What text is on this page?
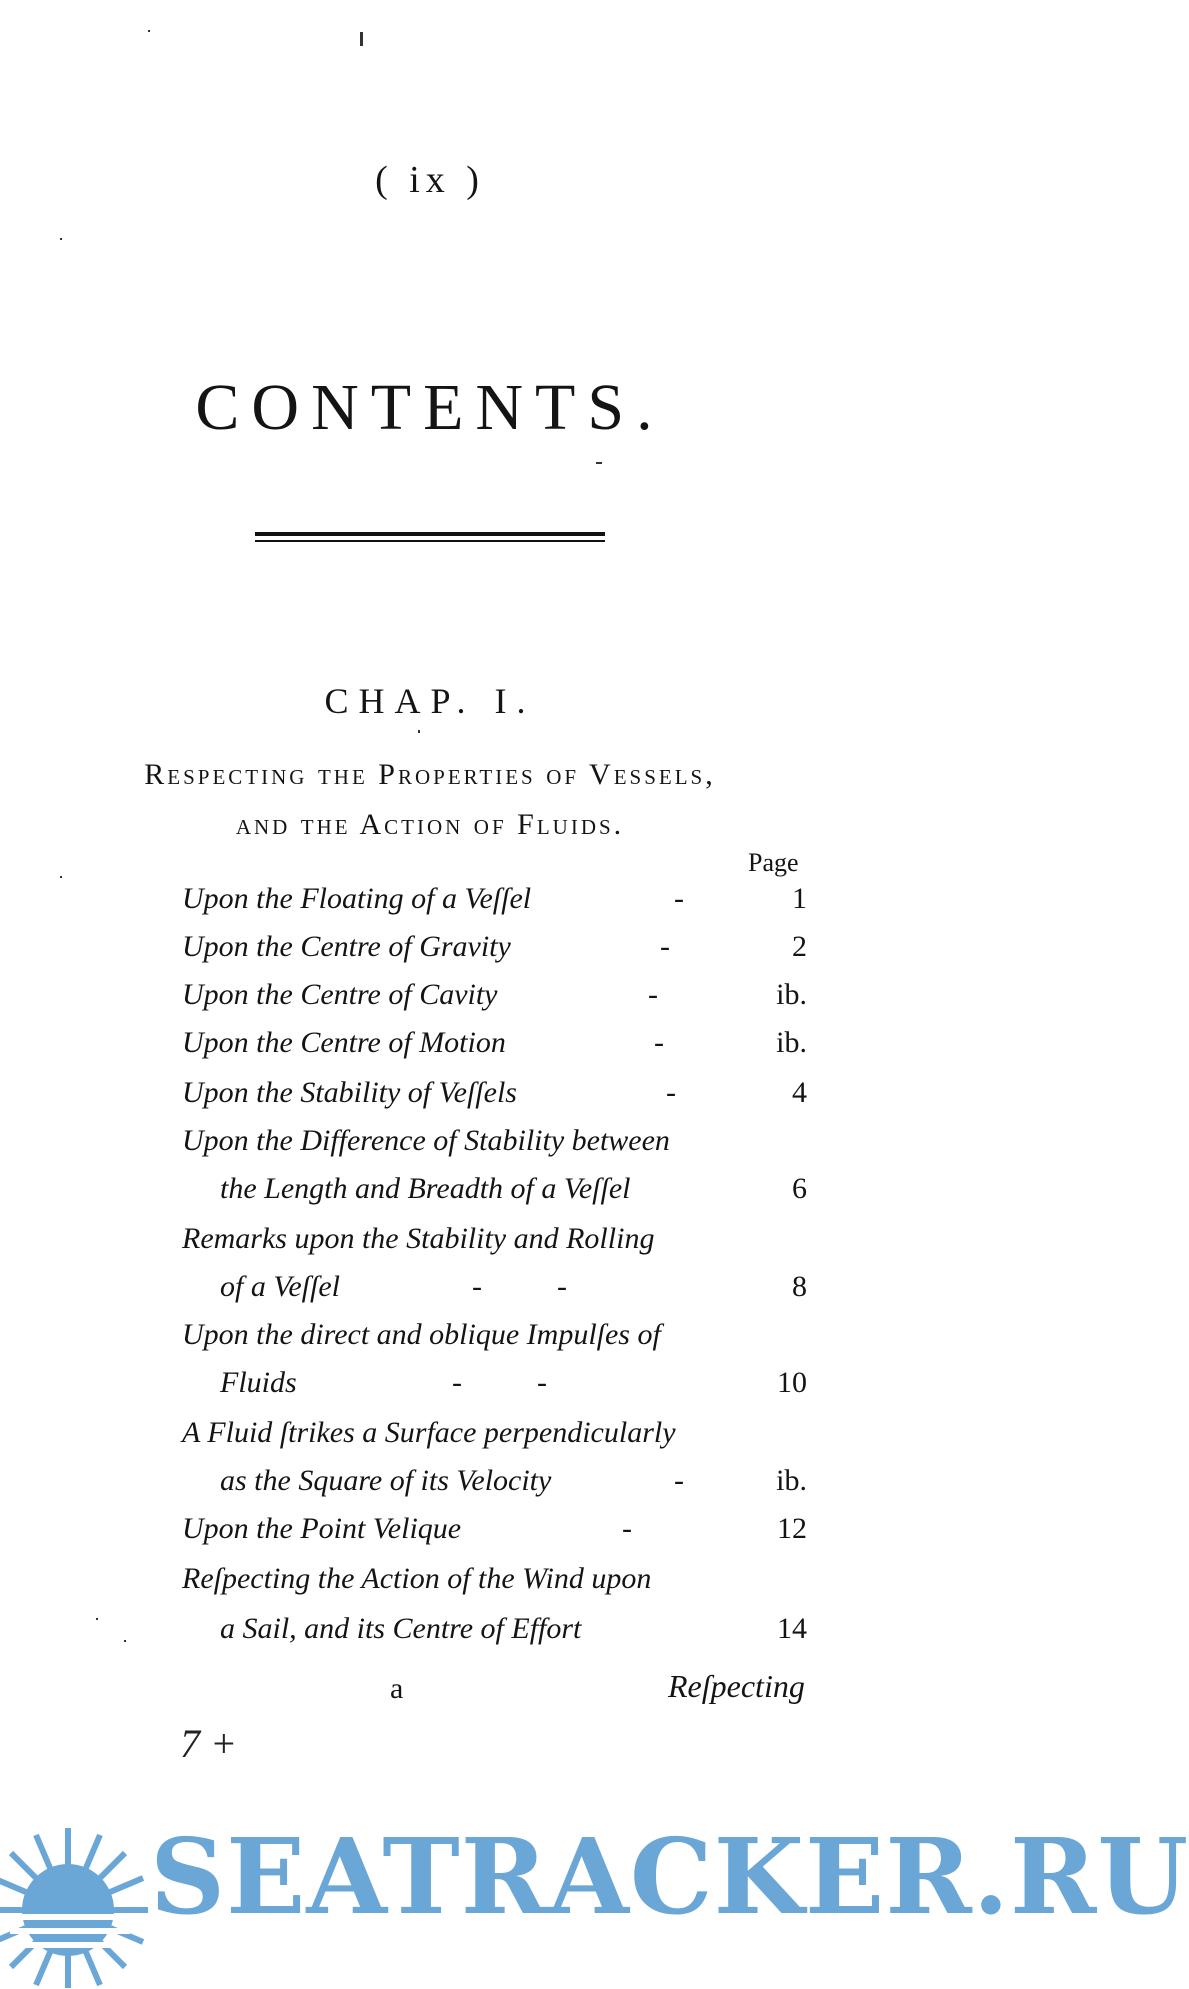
( ix )
CONTENTS.
CHAP. I.
Respecting the Properties of Vessels,
and the Action of Fluids.
Page
Upon the Floating of a Veſſel	-	1
Upon the Centre of Gravity	-	2
Upon the Centre of Cavity	-	ib.
Upon the Centre of Motion	-	ib.
Upon the Stability of Veſſels	-	4
Upon the Difference of Stability between
the Length and Breadth of a Veſſel	6
Remarks upon the Stability and Rolling
of a Veſſel	-          -	8
Upon the direct and oblique Impulſes of
Fluids	-          -	10
A Fluid ſtrikes a Surface perpendicularly
as the Square of its Velocity	-	ib.
Upon the Point Velique	-	12
Reſpecting the Action of the Wind upon
a Sail, and its Centre of Effort	14
a	Reſpecting
7 +
SEATRACKER.RU
